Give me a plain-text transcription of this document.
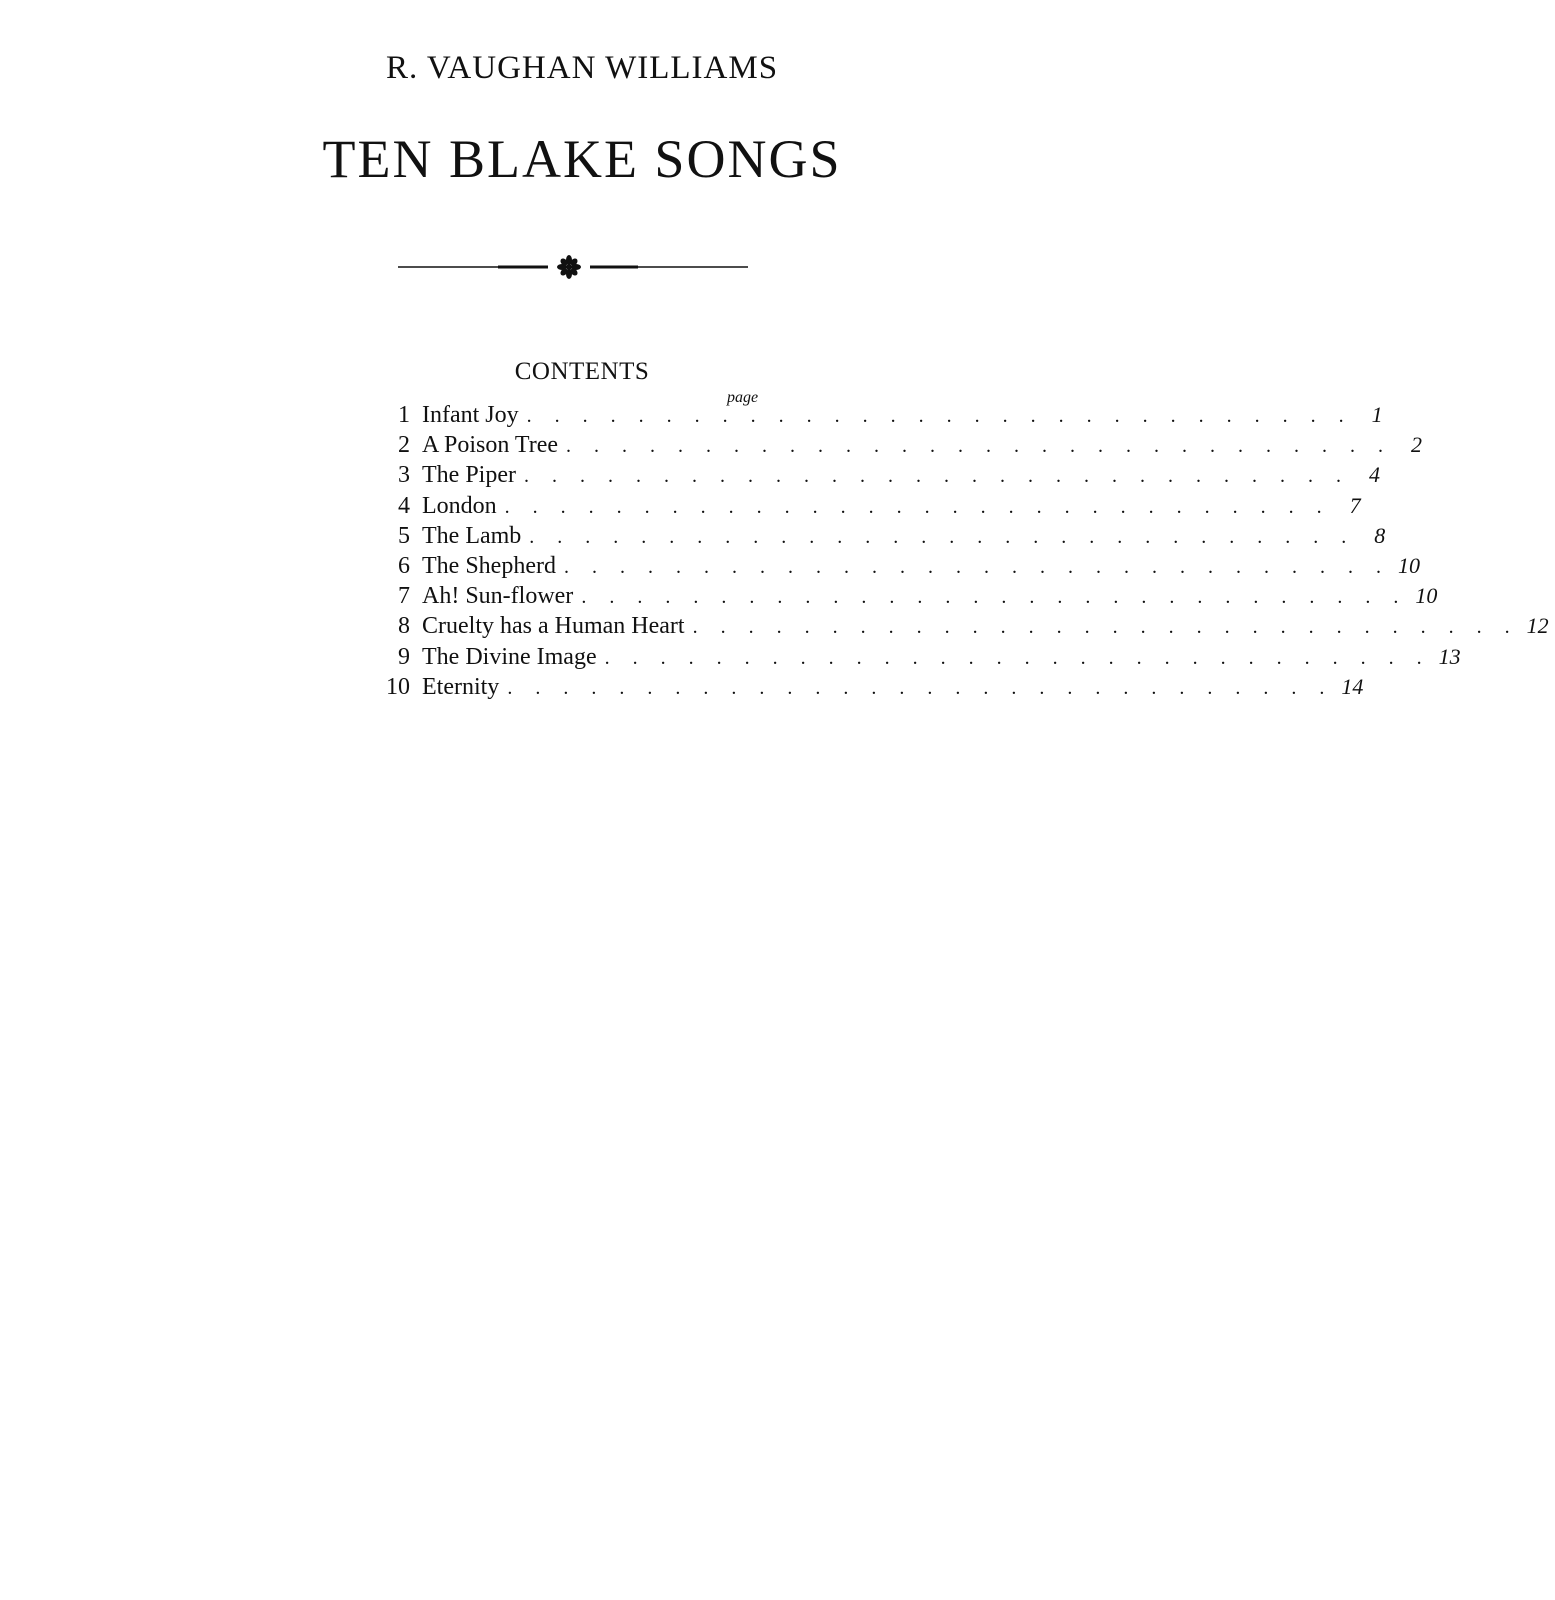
R. VAUGHAN WILLIAMS
TEN BLAKE SONGS
CONTENTS
page
1 Infant Joy . . . . . . . . . . . . . . . . . . . . . . . . . . . . . . 1
2 A Poison Tree . . . . . . . . . . . . . . . . . . . . . . . . . . . . . . 2
3 The Piper . . . . . . . . . . . . . . . . . . . . . . . . . . . . . . 4
4 London . . . . . . . . . . . . . . . . . . . . . . . . . . . . . . 7
5 The Lamb . . . . . . . . . . . . . . . . . . . . . . . . . . . . . . 8
6 The Shepherd . . . . . . . . . . . . . . . . . . . . . . . . . . . . . . 10
7 Ah! Sun-flower . . . . . . . . . . . . . . . . . . . . . . . . . . . . . . 10
8 Cruelty has a Human Heart . . . . . . . . . . . . . . . . . . . . . . . . . . . . . . 12
9 The Divine Image . . . . . . . . . . . . . . . . . . . . . . . . . . . . . . 13
10 Eternity . . . . . . . . . . . . . . . . . . . . . . . . . . . . . . 14
